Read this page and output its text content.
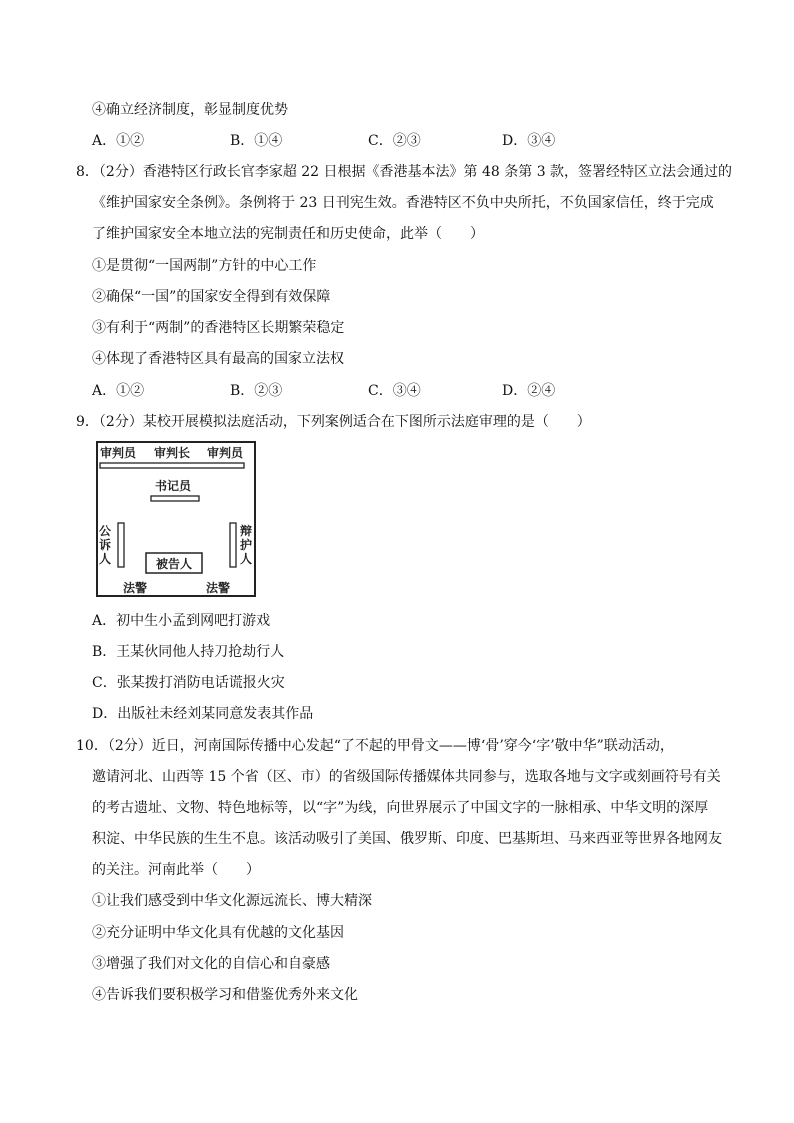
④确立经济制度，彰显制度优势
A．①②	B．①④	C．②③	D．③④
8．（2分）香港特区行政长官李家超 22 日根据《香港基本法》第 48 条第 3 款，签署经特区立法会通过的
《维护国家安全条例》。条例将于 23 日刊宪生效。香港特区不负中央所托，不负国家信任，终于完成
了维护国家安全本地立法的宪制责任和历史使命，此举（　　）
①是贯彻“一国两制”方针的中心工作
②确保“一国”的国家安全得到有效保障
③有利于“两制”的香港特区长期繁荣稳定
④体现了香港特区具有最高的国家立法权
A．①②	B．②③	C．③④	D．②④
9．（2分）某校开展模拟法庭活动，下列案例适合在下图所示法庭审理的是（　　）
审判员 审判长 审判员
书记员
公 诉 人
辩 护 人
被告人
法警	法警
A．初中生小孟到网吧打游戏
B．王某伙同他人持刀抢劫行人
C．张某拨打消防电话谎报火灾
D．出版社未经刘某同意发表其作品
10．（2分）近日，河南国际传播中心发起“了不起的甲骨文——博‘骨’穿今‘字’敬中华”联动活动，
邀请河北、山西等 15 个省（区、市）的省级国际传播媒体共同参与，选取各地与文字或刻画符号有关
的考古遗址、文物、特色地标等，以“字”为线，向世界展示了中国文字的一脉相承、中华文明的深厚
积淀、中华民族的生生不息。该活动吸引了美国、俄罗斯、印度、巴基斯坦、马来西亚等世界各地网友
的关注。河南此举（　　）
①让我们感受到中华文化源远流长、博大精深
②充分证明中华文化具有优越的文化基因
③增强了我们对文化的自信心和自豪感
④告诉我们要积极学习和借鉴优秀外来文化
